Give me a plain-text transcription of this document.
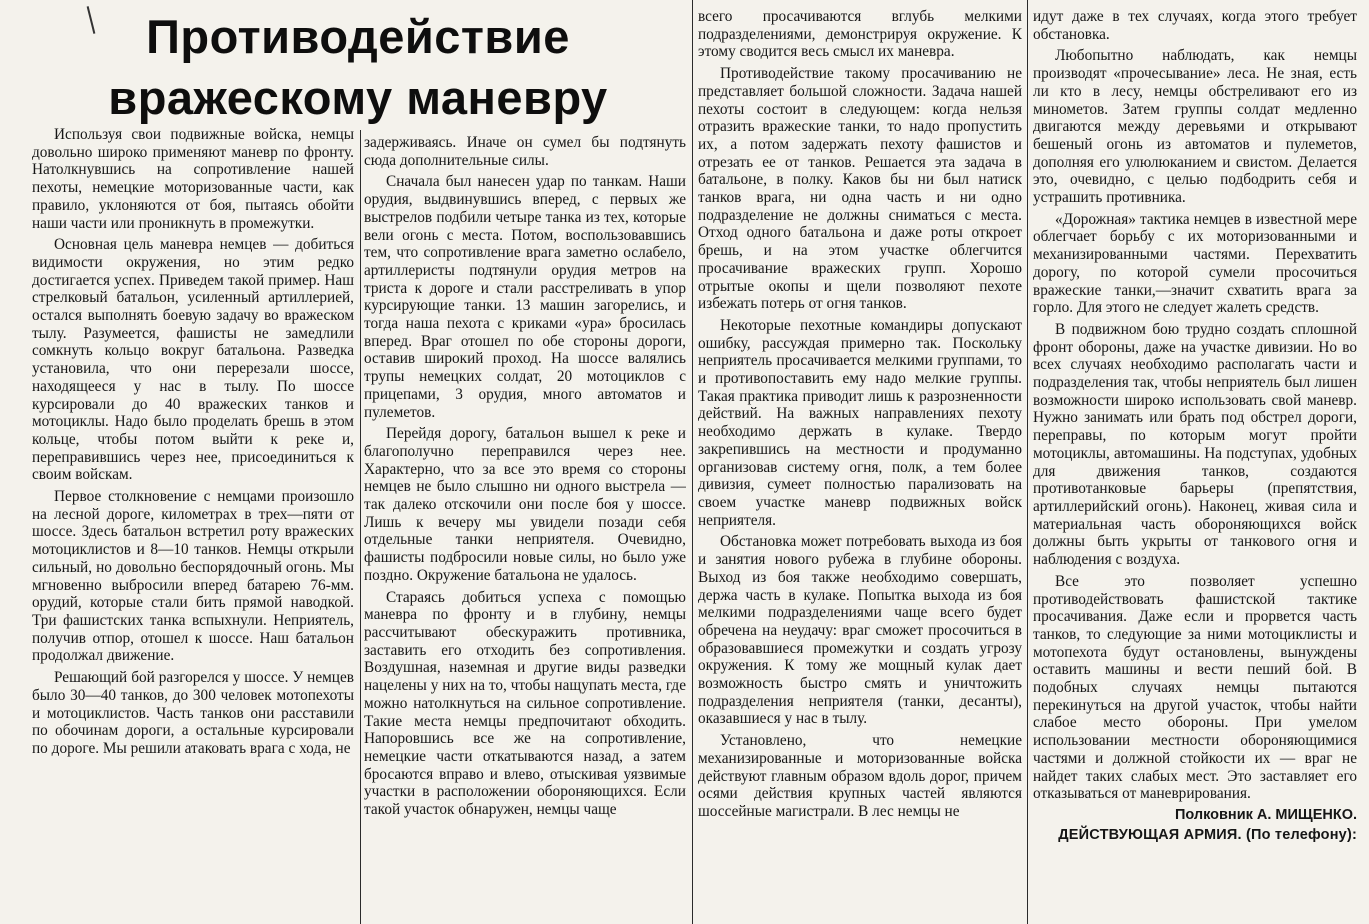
Противодействие
вражескому маневру

Используя свои подвижные войска, немцы довольно широко применяют маневр по фронту. Натолкнувшись на сопротивление нашей пехоты, немецкие моторизованные части, как правило, уклоняются от боя, пытаясь обойти наши части или проникнуть в промежутки.

Основная цель маневра немцев — добиться видимости окружения, но этим редко достигается успех. Приведем такой пример. Наш стрелковый батальон, усиленный артиллерией, остался выполнять боевую задачу во вражеском тылу. Разумеется, фашисты не замедлили сомкнуть кольцо вокруг батальона. Разведка установила, что они перерезали шоссе, находящееся у нас в тылу. По шоссе курсировали до 40 вражеских танков и мотоциклы. Надо было проделать брешь в этом кольце, чтобы потом выйти к реке и, переправившись через нее, присоединиться к своим войскам.

Первое столкновение с немцами произошло на лесной дороге, километрах в трех—пяти от шоссе. Здесь батальон встретил роту вражеских мотоциклистов и 8—10 танков. Немцы открыли сильный, но довольно беспорядочный огонь. Мы мгновенно выбросили вперед батарею 76-мм. орудий, которые стали бить прямой наводкой. Три фашистских танка вспыхнули. Неприятель, получив отпор, отошел к шоссе. Наш батальон продолжал движение.

Решающий бой разгорелся у шоссе. У немцев было 30—40 танков, до 300 человек мотопехоты и мотоциклистов. Часть танков они расставили по обочинам дороги, а остальные курсировали по дороге. Мы решили атаковать врага с хода, не

задерживаясь. Иначе он сумел бы подтянуть сюда дополнительные силы.

Сначала был нанесен удар по танкам. Наши орудия, выдвинувшись вперед, с первых же выстрелов подбили четыре танка из тех, которые вели огонь с места. Потом, воспользовавшись тем, что сопротивление врага заметно ослабело, артиллеристы подтянули орудия метров на триста к дороге и стали расстреливать в упор курсирующие танки. 13 машин загорелись, и тогда наша пехота с криками «ура» бросилась вперед. Враг отошел по обе стороны дороги, оставив широкий проход. На шоссе валялись трупы немецких солдат, 20 мотоциклов с прицепами, 3 орудия, много автоматов и пулеметов.

Перейдя дорогу, батальон вышел к реке и благополучно переправился через нее. Характерно, что за все это время со стороны немцев не было слышно ни одного выстрела — так далеко отскочили они после боя у шоссе. Лишь к вечеру мы увидели позади себя отдельные танки неприятеля. Очевидно, фашисты подбросили новые силы, но было уже поздно. Окружение батальона не удалось.

Стараясь добиться успеха с помощью маневра по фронту и в глубину, немцы рассчитывают обескуражить противника, заставить его отходить без сопротивления. Воздушная, наземная и другие виды разведки нацелены у них на то, чтобы нащупать места, где можно натолкнуться на сильное сопротивление. Такие места немцы предпочитают обходить. Напоровшись все же на сопротивление, немецкие части откатываются назад, а затем бросаются вправо и влево, отыскивая уязвимые участки в расположении обороняющихся. Если такой участок обнаружен, немцы чаще

всего просачиваются вглубь мелкими подразделениями, демонстрируя окружение. К этому сводится весь смысл их маневра.

Противодействие такому просачиванию не представляет большой сложности. Задача нашей пехоты состоит в следующем: когда нельзя отразить вражеские танки, то надо пропустить их, а потом задержать пехоту фашистов и отрезать ее от танков. Решается эта задача в батальоне, в полку. Каков бы ни был натиск танков врага, ни одна часть и ни одно подразделение не должны сниматься с места. Отход одного батальона и даже роты откроет брешь, и на этом участке облегчится просачивание вражеских групп. Хорошо отрытые окопы и щели позволяют пехоте избежать потерь от огня танков.

Некоторые пехотные командиры допускают ошибку, рассуждая примерно так. Поскольку неприятель просачивается мелкими группами, то и противопоставить ему надо мелкие группы. Такая практика приводит лишь к разрозненности действий. На важных направлениях пехоту необходимо держать в кулаке. Твердо закрепившись на местности и продуманно организовав систему огня, полк, а тем более дивизия, сумеет полностью парализовать на своем участке маневр подвижных войск неприятеля.

Обстановка может потребовать выхода из боя и занятия нового рубежа в глубине обороны. Выход из боя также необходимо совершать, держа часть в кулаке. Попытка выхода из боя мелкими подразделениями чаще всего будет обречена на неудачу: враг сможет просочиться в образовавшиеся промежутки и создать угрозу окружения. К тому же мощный кулак дает возможность быстро смять и уничтожить подразделения неприятеля (танки, десанты), оказавшиеся у нас в тылу.

Установлено, что немецкие механизированные и моторизованные войска действуют главным образом вдоль дорог, причем осями действия крупных частей являются шоссейные магистрали. В лес немцы не

идут даже в тех случаях, когда этого требует обстановка.

Любопытно наблюдать, как немцы производят «прочесывание» леса. Не зная, есть ли кто в лесу, немцы обстреливают его из минометов. Затем группы солдат медленно двигаются между деревьями и открывают бешеный огонь из автоматов и пулеметов, дополняя его улюлюканием и свистом. Делается это, очевидно, с целью подбодрить себя и устрашить противника.

«Дорожная» тактика немцев в известной мере облегчает борьбу с их моторизованными и механизированными частями. Перехватить дорогу, по которой сумели просочиться вражеские танки,—значит схватить врага за горло. Для этого не следует жалеть средств.

В подвижном бою трудно создать сплошной фронт обороны, даже на участке дивизии. Но во всех случаях необходимо располагать части и подразделения так, чтобы неприятель был лишен возможности широко использовать свой маневр. Нужно занимать или брать под обстрел дороги, переправы, по которым могут пройти мотоциклы, автомашины. На подступах, удобных для движения танков, создаются противотанковые барьеры (препятствия, артиллерийский огонь). Наконец, живая сила и материальная часть обороняющихся войск должны быть укрыты от танкового огня и наблюдения с воздуха.

Все это позволяет успешно противодействовать фашистской тактике просачивания. Даже если и прорвется часть танков, то следующие за ними мотоциклисты и мотопехота будут остановлены, вынуждены оставить машины и вести пеший бой. В подобных случаях немцы пытаются перекинуться на другой участок, чтобы найти слабое место обороны. При умелом использовании местности обороняющимися частями и должной стойкости их — враг не найдет таких слабых мест. Это заставляет его отказываться от маневрирования.

Полковник А. МИЩЕНКО.
ДЕЙСТВУЮЩАЯ АРМИЯ. (По телефону):
